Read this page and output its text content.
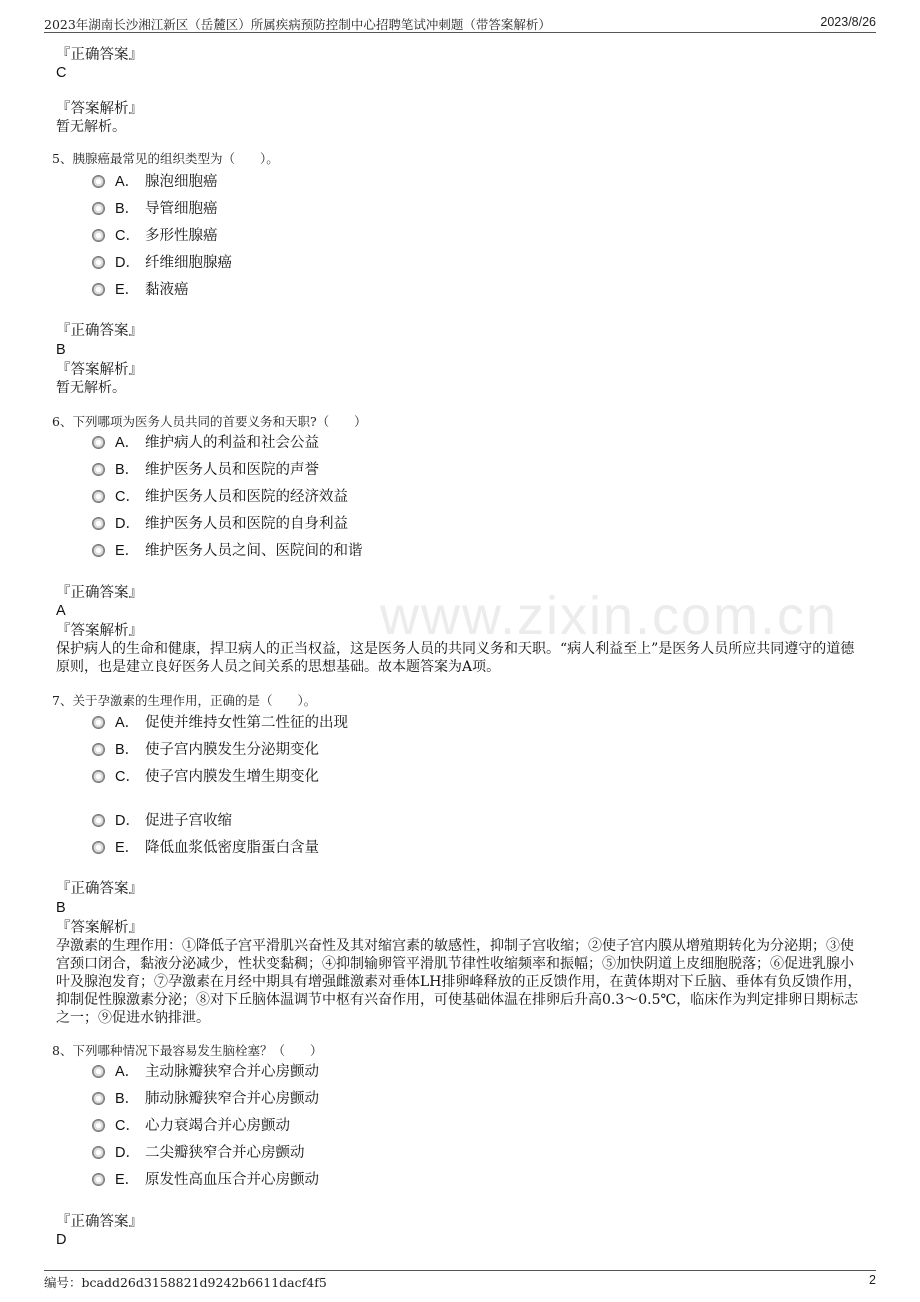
2023年湖南长沙湘江新区（岳麓区）所属疾病预防控制中心招聘笔试冲刺题（带答案解析）	2023/8/26
www.zixin.com.cn
『正确答案』
C
『答案解析』
暂无解析。
5、胰腺癌最常见的组织类型为（　　）。
A． 腺泡细胞癌
B． 导管细胞癌
C． 多形性腺癌
D． 纤维细胞腺癌
E． 黏液癌
『正确答案』
B
『答案解析』
暂无解析。
6、下列哪项为医务人员共同的首要义务和天职?（　　）
A． 维护病人的利益和社会公益
B． 维护医务人员和医院的声誉
C． 维护医务人员和医院的经济效益
D． 维护医务人员和医院的自身利益
E． 维护医务人员之间、医院间的和谐
『正确答案』
A
『答案解析』
保护病人的生命和健康，捍卫病人的正当权益，这是医务人员的共同义务和天职。“病人利益至上”是医务人员所应共同遵守的道德原则，也是建立良好医务人员之间关系的思想基础。故本题答案为A项。
7、关于孕激素的生理作用，正确的是（　　）。
A． 促使并维持女性第二性征的出现
B． 使子宫内膜发生分泌期变化
C． 使子宫内膜发生增生期变化
D． 促进子宫收缩
E． 降低血浆低密度脂蛋白含量
『正确答案』
B
『答案解析』
孕激素的生理作用：①降低子宫平滑肌兴奋性及其对缩宫素的敏感性，抑制子宫收缩；②使子宫内膜从增殖期转化为分泌期；③使宫颈口闭合，黏液分泌减少，性状变黏稠；④抑制输卵管平滑肌节律性收缩频率和振幅；⑤加快阴道上皮细胞脱落；⑥促进乳腺小叶及腺泡发育；⑦孕激素在月经中期具有增强雌激素对垂体LH排卵峰释放的正反馈作用，在黄体期对下丘脑、垂体有负反馈作用，抑制促性腺激素分泌；⑧对下丘脑体温调节中枢有兴奋作用，可使基础体温在排卵后升高0.3～0.5℃，临床作为判定排卵日期标志之一；⑨促进水钠排泄。
8、下列哪种情况下最容易发生脑栓塞？（　　）
A． 主动脉瓣狭窄合并心房颤动
B． 肺动脉瓣狭窄合并心房颤动
C． 心力衰竭合并心房颤动
D． 二尖瓣狭窄合并心房颤动
E． 原发性高血压合并心房颤动
『正确答案』
D
编号：bcadd26d3158821d9242b6611dacf4f5	2
